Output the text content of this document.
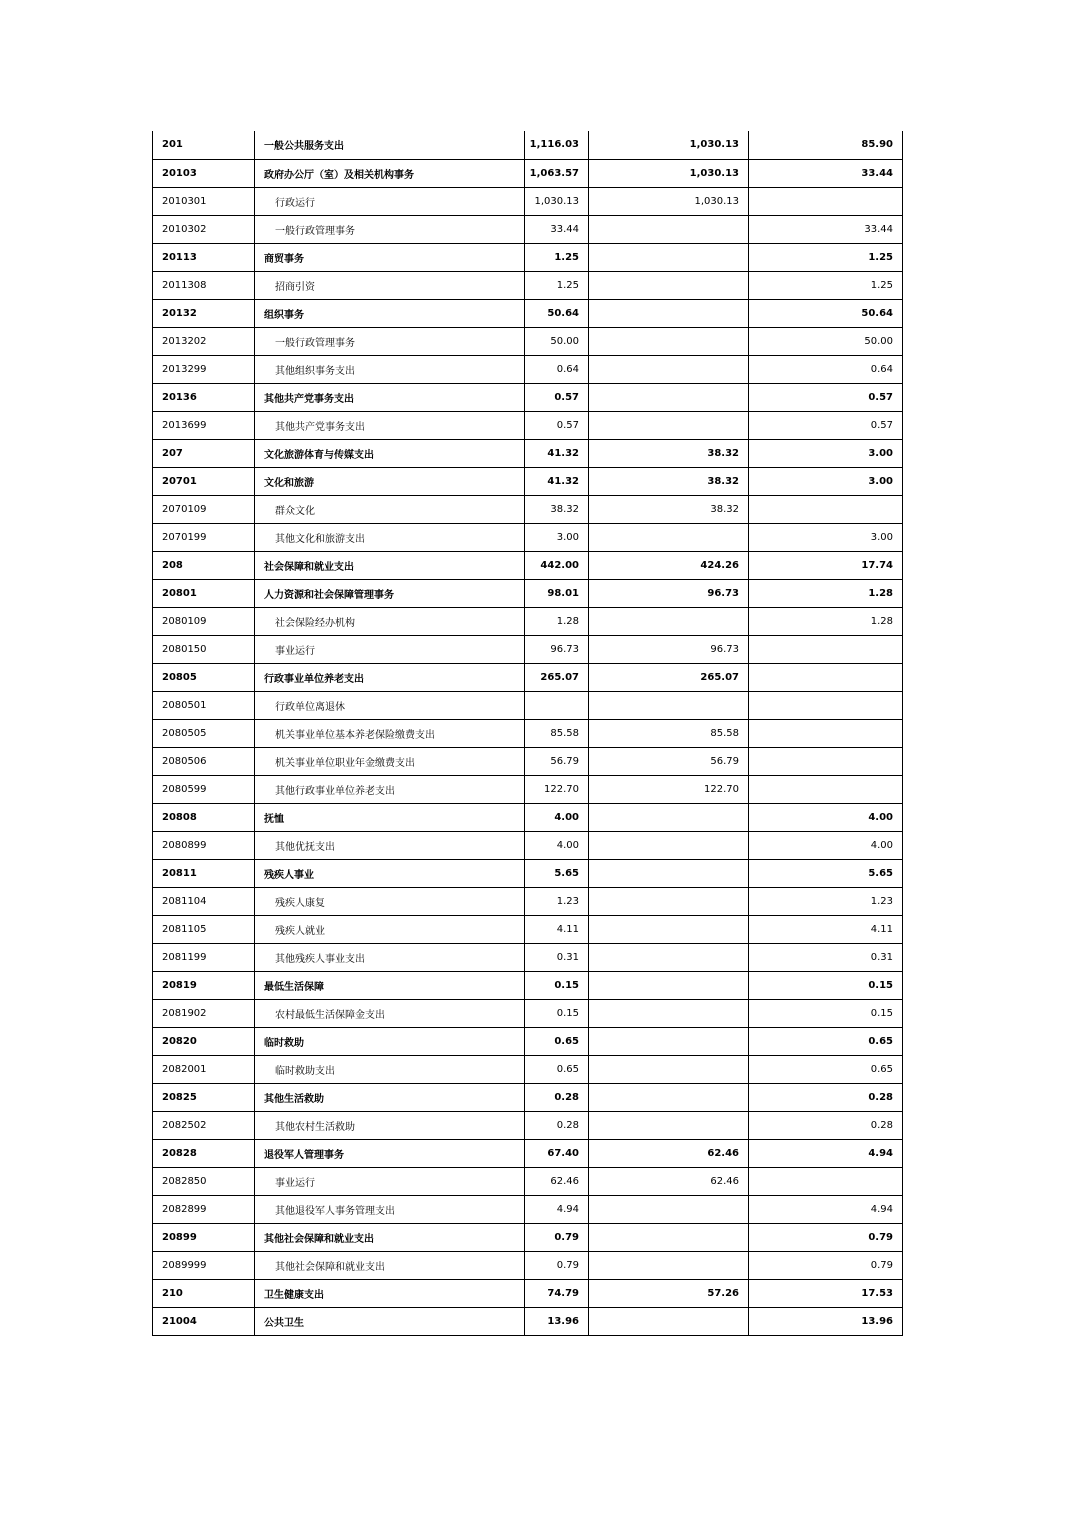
201	一般公共服务支出	1,116.03	1,030.13	85.90
20103	政府办公厅（室）及相关机构事务	1,063.57	1,030.13	33.44
2010301	行政运行	1,030.13	1,030.13	
2010302	一般行政管理事务	33.44		33.44
20113	商贸事务	1.25		1.25
2011308	招商引资	1.25		1.25
20132	组织事务	50.64		50.64
2013202	一般行政管理事务	50.00		50.00
2013299	其他组织事务支出	0.64		0.64
20136	其他共产党事务支出	0.57		0.57
2013699	其他共产党事务支出	0.57		0.57
207	文化旅游体育与传媒支出	41.32	38.32	3.00
20701	文化和旅游	41.32	38.32	3.00
2070109	群众文化	38.32	38.32	
2070199	其他文化和旅游支出	3.00		3.00
208	社会保障和就业支出	442.00	424.26	17.74
20801	人力资源和社会保障管理事务	98.01	96.73	1.28
2080109	社会保险经办机构	1.28		1.28
2080150	事业运行	96.73	96.73	
20805	行政事业单位养老支出	265.07	265.07	
2080501	行政单位离退休			
2080505	机关事业单位基本养老保险缴费支出	85.58	85.58	
2080506	机关事业单位职业年金缴费支出	56.79	56.79	
2080599	其他行政事业单位养老支出	122.70	122.70	
20808	抚恤	4.00		4.00
2080899	其他优抚支出	4.00		4.00
20811	残疾人事业	5.65		5.65
2081104	残疾人康复	1.23		1.23
2081105	残疾人就业	4.11		4.11
2081199	其他残疾人事业支出	0.31		0.31
20819	最低生活保障	0.15		0.15
2081902	农村最低生活保障金支出	0.15		0.15
20820	临时救助	0.65		0.65
2082001	临时救助支出	0.65		0.65
20825	其他生活救助	0.28		0.28
2082502	其他农村生活救助	0.28		0.28
20828	退役军人管理事务	67.40	62.46	4.94
2082850	事业运行	62.46	62.46	
2082899	其他退役军人事务管理支出	4.94		4.94
20899	其他社会保障和就业支出	0.79		0.79
2089999	其他社会保障和就业支出	0.79		0.79
210	卫生健康支出	74.79	57.26	17.53
21004	公共卫生	13.96		13.96
